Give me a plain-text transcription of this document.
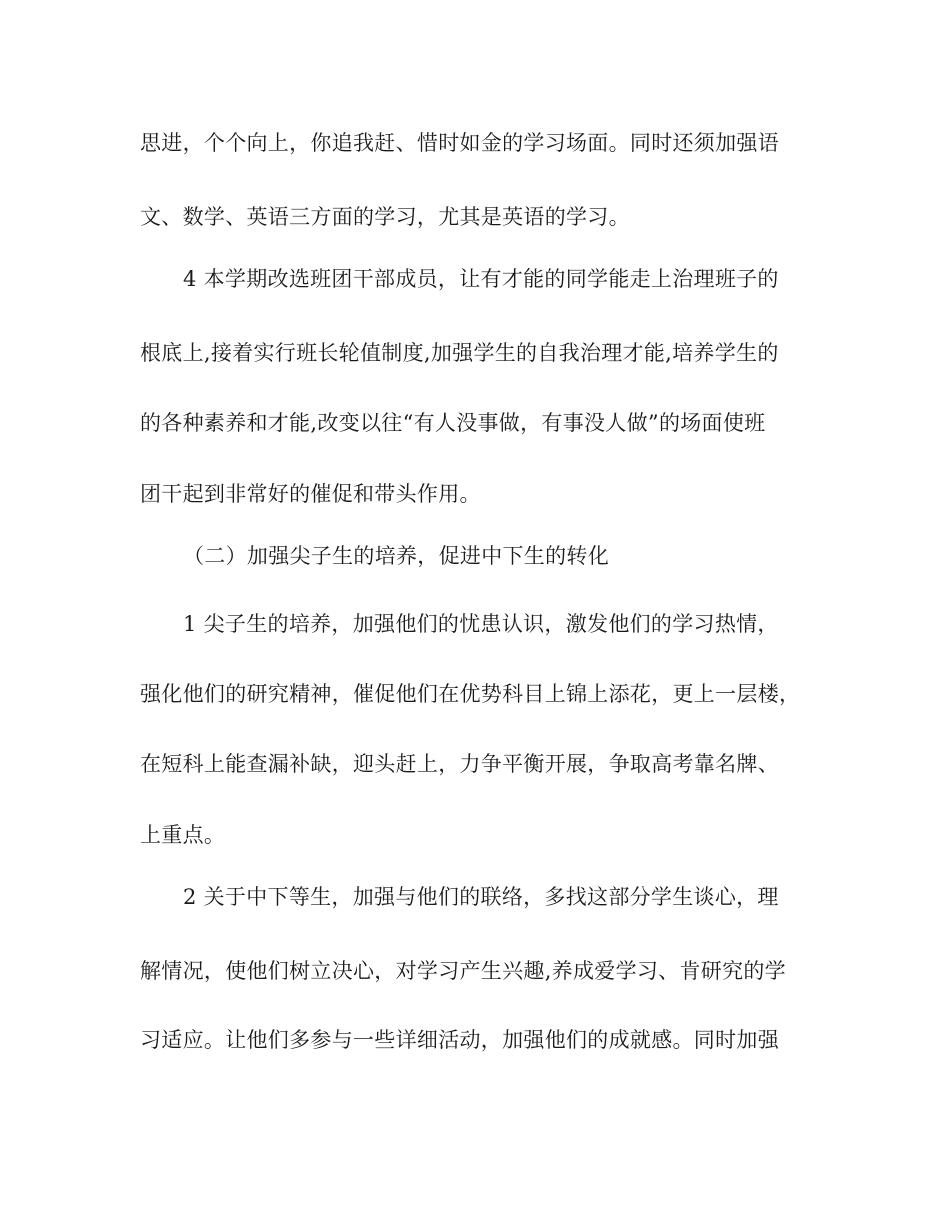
思进，个个向上，你追我赶、惜时如金的学习场面。同时还须加强语

文、数学、英语三方面的学习，尤其是英语的学习。

4 本学期改选班团干部成员，让有才能的同学能走上治理班子的

根底上,接着实行班长轮值制度,加强学生的自我治理才能,培养学生的

的各种素养和才能,改变以往“有人没事做，有事没人做”的场面使班

团干起到非常好的催促和带头作用。

（二）加强尖子生的培养，促进中下生的转化

1 尖子生的培养，加强他们的忧患认识，激发他们的学习热情，

强化他们的研究精神，催促他们在优势科目上锦上添花，更上一层楼，

在短科上能查漏补缺，迎头赶上，力争平衡开展，争取高考靠名牌、

上重点。

2 关于中下等生，加强与他们的联络，多找这部分学生谈心，理

解情况，使他们树立决心，对学习产生兴趣,养成爱学习、肯研究的学

习适应。让他们多参与一些详细活动，加强他们的成就感。同时加强
